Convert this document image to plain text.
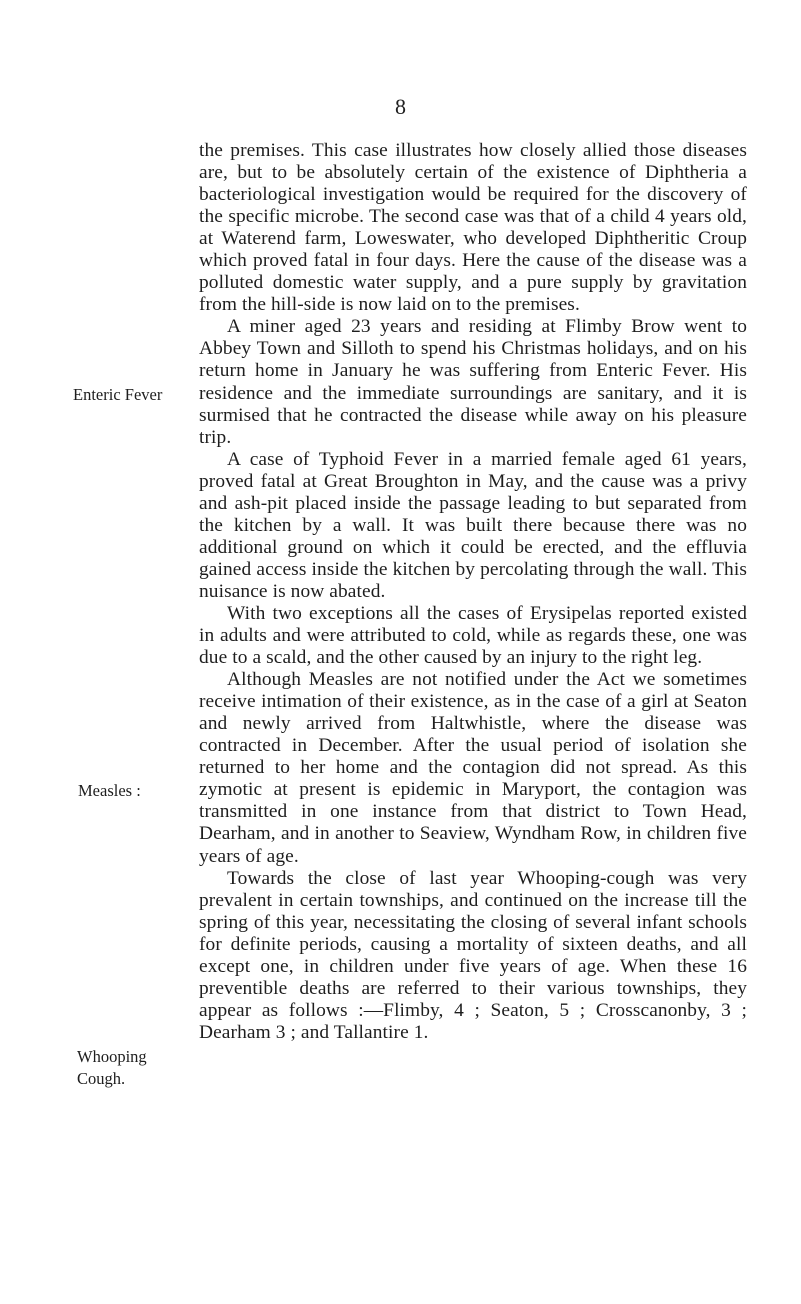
8
Enteric Fever
Measles :
Whooping
Cough.

the premises. This case illustrates how closely allied those diseases are, but to be absolutely certain of the existence of Diphtheria a bacteriological investigation would be required for the discovery of the specific microbe. The second case was that of a child 4 years old, at Waterend farm, Loweswater, who developed Diphtheritic Croup which proved fatal in four days. Here the cause of the disease was a polluted domestic water supply, and a pure supply by gravitation from the hill-side is now laid on to the premises.

A miner aged 23 years and residing at Flimby Brow went to Abbey Town and Silloth to spend his Christmas holidays, and on his return home in January he was suffering from Enteric Fever. His residence and the immediate surroundings are sanitary, and it is surmised that he contracted the disease while away on his pleasure trip.

A case of Typhoid Fever in a married female aged 61 years, proved fatal at Great Broughton in May, and the cause was a privy and ash-pit placed inside the passage leading to but separated from the kitchen by a wall. It was built there because there was no additional ground on which it could be erected, and the effluvia gained access inside the kitchen by percolating through the wall. This nuisance is now abated.

With two exceptions all the cases of Erysipelas reported existed in adults and were attributed to cold, while as regards these, one was due to a scald, and the other caused by an injury to the right leg.

Although Measles are not notified under the Act we sometimes receive intimation of their existence, as in the case of a girl at Seaton and newly arrived from Haltwhistle, where the disease was contracted in December. After the usual period of isolation she returned to her home and the contagion did not spread. As this zymotic at present is epidemic in Maryport, the contagion was transmitted in one instance from that district to Town Head, Dearham, and in another to Seaview, Wyndham Row, in children five years of age.

Towards the close of last year Whooping-cough was very prevalent in certain townships, and continued on the increase till the spring of this year, necessitating the closing of several infant schools for definite periods, causing a mortality of sixteen deaths, and all except one, in children under five years of age. When these 16 preventible deaths are referred to their various townships, they appear as follows :—Flimby, 4 ; Seaton, 5 ; Crosscanonby, 3 ; Dearham 3 ; and Tallantire 1.
